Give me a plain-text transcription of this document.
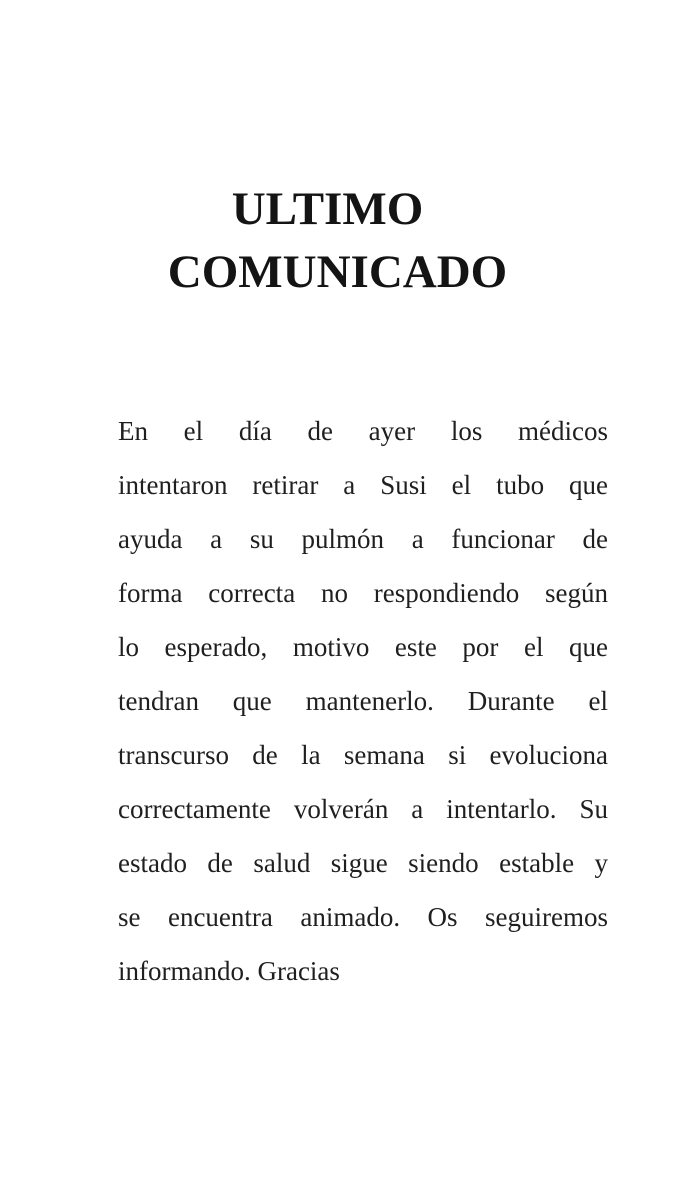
ULTIMO
COMUNICADO
En el día de ayer los médicos
intentaron retirar a Susi el tubo que
ayuda a su pulmón a funcionar de
forma correcta no respondiendo según
lo esperado, motivo este por el que
tendran que mantenerlo. Durante el
transcurso de la semana si evoluciona
correctamente volverán a intentarlo. Su
estado de salud sigue siendo estable y
se encuentra animado. Os seguiremos
informando. Gracias
